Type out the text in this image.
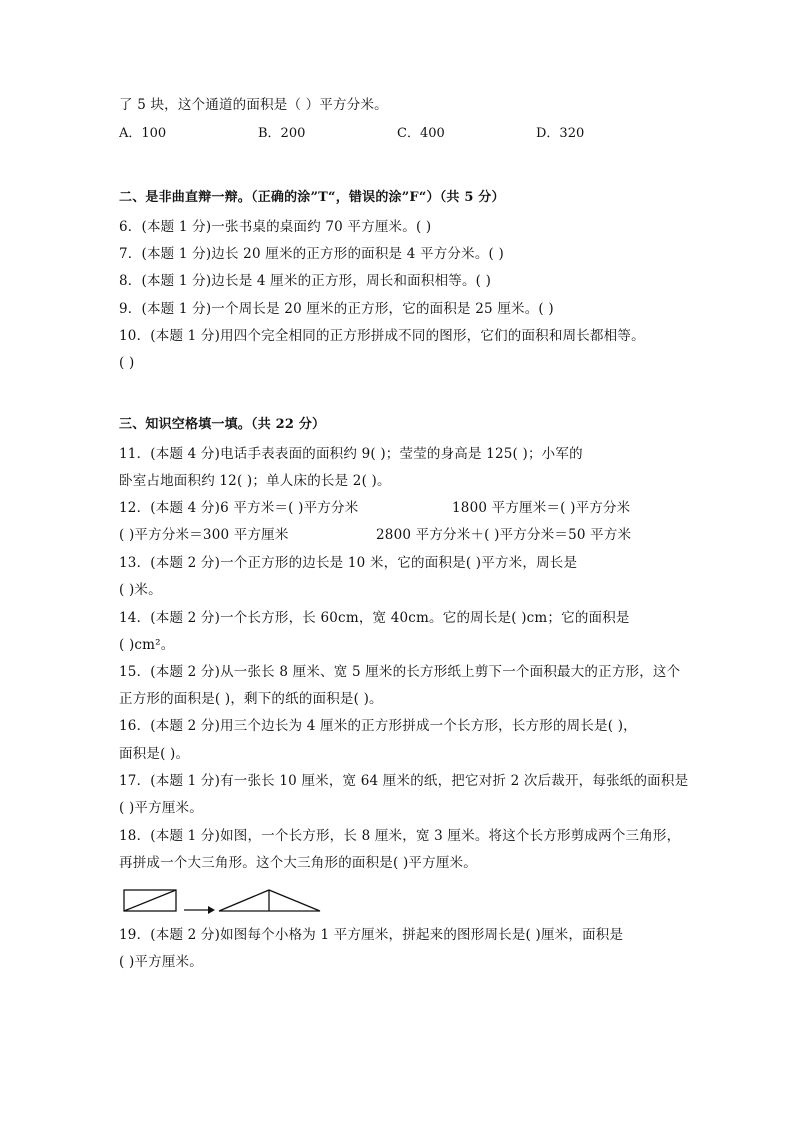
了 5 块，这个通道的面积是（ ）平方分米。
A．100	B．200	C．400	D．320
二、是非曲直辩一辩。（正确的涂”T“，错误的涂”F“）（共 5 分）
6．(本题 1 分)一张书桌的桌面约 70 平方厘米。( )
7．(本题 1 分)边长 20 厘米的正方形的面积是 4 平方分米。( )
8．(本题 1 分)边长是 4 厘米的正方形，周长和面积相等。( )
9．(本题 1 分)一个周长是 20 厘米的正方形，它的面积是 25 厘米。( )
10．(本题 1 分)用四个完全相同的正方形拼成不同的图形，它们的面积和周长都相等。
( )
三、知识空格填一填。（共 22 分）
11．(本题 4 分)电话手表表面的面积约 9( )；莹莹的身高是 125( )；小军的
卧室占地面积约 12( )；单人床的长是 2( )。
12．(本题 4 分)6 平方米＝( )平方分米	1800 平方厘米＝( )平方分米
( )平方分米＝300 平方厘米	2800 平方分米＋( )平方分米＝50 平方米
13．(本题 2 分)一个正方形的边长是 10 米，它的面积是( )平方米，周长是
( )米。
14．(本题 2 分)一个长方形，长 60cm，宽 40cm。它的周长是( )cm；它的面积是
( )cm²。
15．(本题 2 分)从一张长 8 厘米、宽 5 厘米的长方形纸上剪下一个面积最大的正方形，这个
正方形的面积是( )，剩下的纸的面积是( )。
16．(本题 2 分)用三个边长为 4 厘米的正方形拼成一个长方形，长方形的周长是( )，
面积是( )。
17．(本题 1 分)有一张长 10 厘米，宽 64 厘米的纸，把它对折 2 次后裁开，每张纸的面积是
( )平方厘米。
18．(本题 1 分)如图，一个长方形，长 8 厘米，宽 3 厘米。将这个长方形剪成两个三角形，
再拼成一个大三角形。这个大三角形的面积是( )平方厘米。
19．(本题 2 分)如图每个小格为 1 平方厘米，拼起来的图形周长是( )厘米，面积是
( )平方厘米。
